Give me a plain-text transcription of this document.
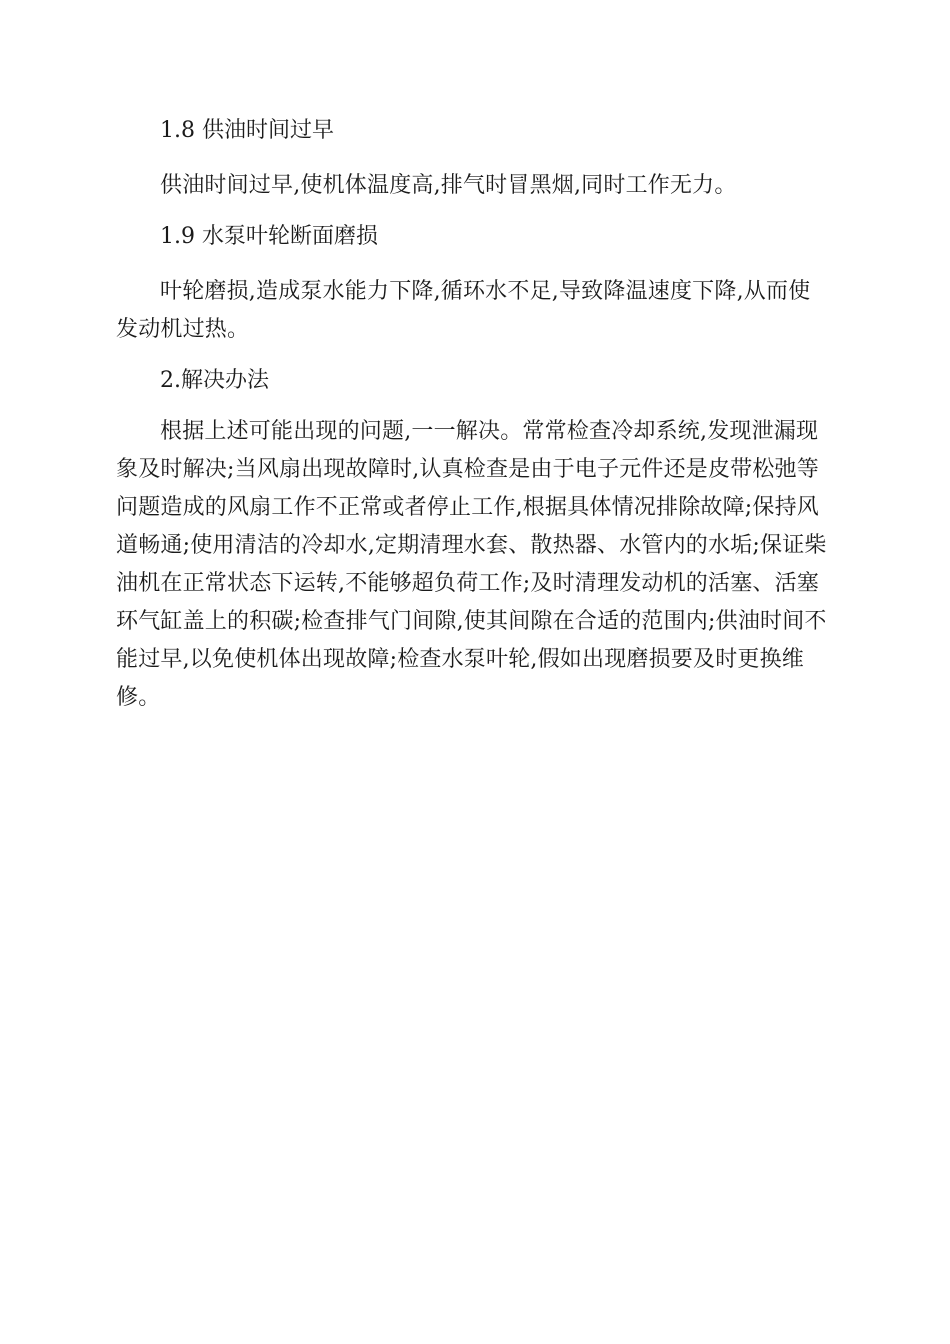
1.8 供油时间过早

供油时间过早,使机体温度高,排气时冒黑烟,同时工作无力。

1.9 水泵叶轮断面磨损

叶轮磨损,造成泵水能力下降,循环水不足,导致降温速度下降,从而使发动机过热。

2.解决办法

根据上述可能出现的问题,一一解决。常常检查冷却系统,发现泄漏现象及时解决;当风扇出现故障时,认真检查是由于电子元件还是皮带松弛等问题造成的风扇工作不正常或者停止工作,根据具体情况排除故障;保持风道畅通;使用清洁的冷却水,定期清理水套、散热器、水管内的水垢;保证柴油机在正常状态下运转,不能够超负荷工作;及时清理发动机的活塞、活塞环气缸盖上的积碳;检查排气门间隙,使其间隙在合适的范围内;供油时间不能过早,以免使机体出现故障;检查水泵叶轮,假如出现磨损要及时更换维修。
